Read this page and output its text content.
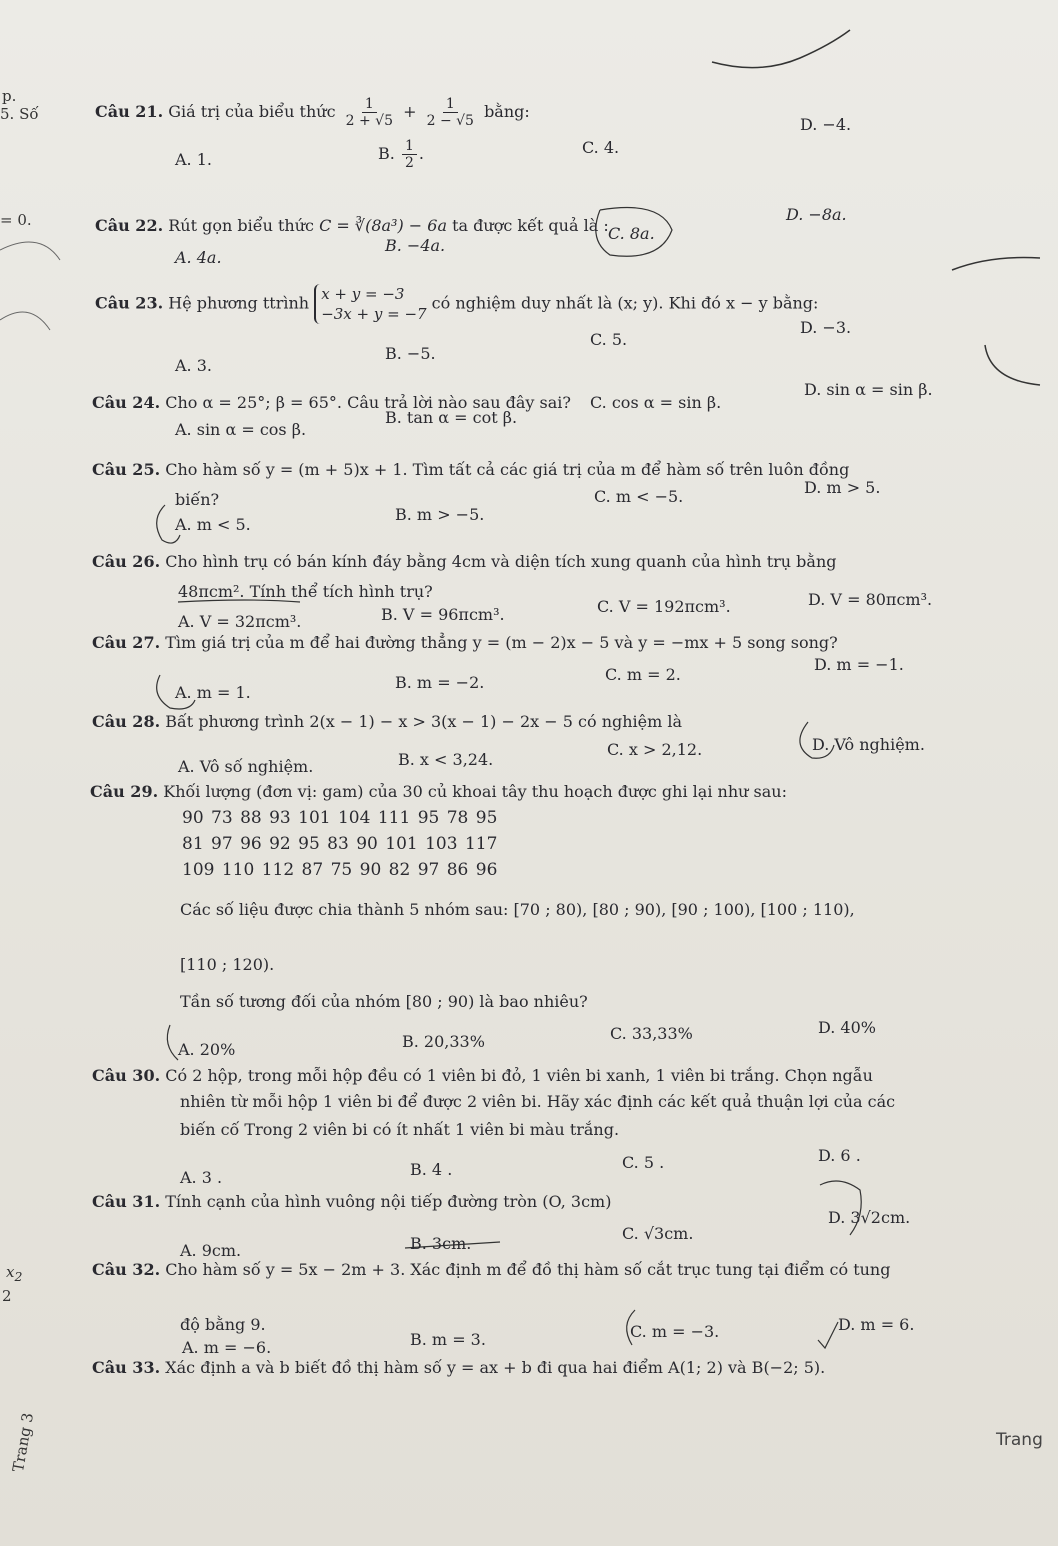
p.
5. Số
= 0.
$x_2$
2
Trang 3
Câu 21. Giá trị của biểu thức $\frac{1}{2 + √5} + \frac{1}{2 - √5}$ bằng:
D. −4.
C. 4.
A. 1.	B. $\frac{1}{2}$ .
Câu 22. Rút gọn biểu thức C = ∛(8a³) − 6a ta được kết quả là :
D. −8a.
C. 8a.
B. −4a.
A. 4a.
Câu 23. Hệ phương ttrình x + y = −3
−3x + y = −7 có nghiệm duy nhất là (x; y). Khi đó x − y bằng:
D. −3.
C. 5.
B. −5.
A. 3.
Câu 24. Cho α = 25°; β = 65°. Câu trả lời nào sau đây sai?
D. sin α = sin β.
C. cos α = sin β.
B. tan α = cot β.
A. sin α = cos β.
Câu 25. Cho hàm số y = (m + 5)x + 1. Tìm tất cả các giá trị của m để hàm số trên luôn đồng
biến?
D. m > 5.
C. m < −5.
B. m > −5.
A. m < 5.
Câu 26. Cho hình trụ có bán kính đáy bằng 4cm và diện tích xung quanh của hình trụ bằng
48πcm². Tính thể tích hình trụ?	D. V = 80πcm³.
C. V = 192πcm³.
B. V = 96πcm³.
A. V = 32πcm³.
Câu 27. Tìm giá trị của m để hai đường thẳng y = (m − 2)x − 5 và y = −mx + 5 song song?
D. m = −1.
C. m = 2.
B. m = −2.
A. m = 1.
Câu 28. Bất phương trình 2(x − 1) − x > 3(x − 1) − 2x − 5 có nghiệm là
D. Vô nghiệm.
C. x > 2,12.
B. x < 3,24.
A. Vô số nghiệm.
Câu 29. Khối lượng (đơn vị: gam) của 30 củ khoai tây thu hoạch được ghi lại như sau:
90 73 88 93 101 104 111 95 78 95
81 97 96 92 95 83 90 101 103 117
109 110 112 87 75 90 82 97 86 96
Các số liệu được chia thành 5 nhóm sau: [70 ; 80), [80 ; 90), [90 ; 100), [100 ; 110),
[110 ; 120).
Tần số tương đối của nhóm [80 ; 90) là bao nhiêu?
D. 40%
C. 33,33%
B. 20,33%
A. 20%
Câu 30. Có 2 hộp, trong mỗi hộp đều có 1 viên bi đỏ, 1 viên bi xanh, 1 viên bi trắng. Chọn ngẫu
nhiên từ mỗi hộp 1 viên bi để được 2 viên bi. Hãy xác định các kết quả thuận lợi của các
biến cố Trong 2 viên bi có ít nhất 1 viên bi màu trắng.
D. 6 .
C. 5 .
B. 4 .
A. 3 .
Câu 31. Tính cạnh của hình vuông nội tiếp đường tròn (O, 3cm)
D. 3√2cm.
C. √3cm.
B. 3cm.
A. 9cm.
Câu 32. Cho hàm số y = 5x − 2m + 3. Xác định m để đồ thị hàm số cắt trục tung tại điểm có tung
độ bằng 9.	D. m = 6.
C. m = −3.
B. m = 3.
A. m = −6.
Câu 33. Xác định a và b biết đồ thị hàm số y = ax + b đi qua hai điểm A(1; 2) và B(−2; 5).
Trang
